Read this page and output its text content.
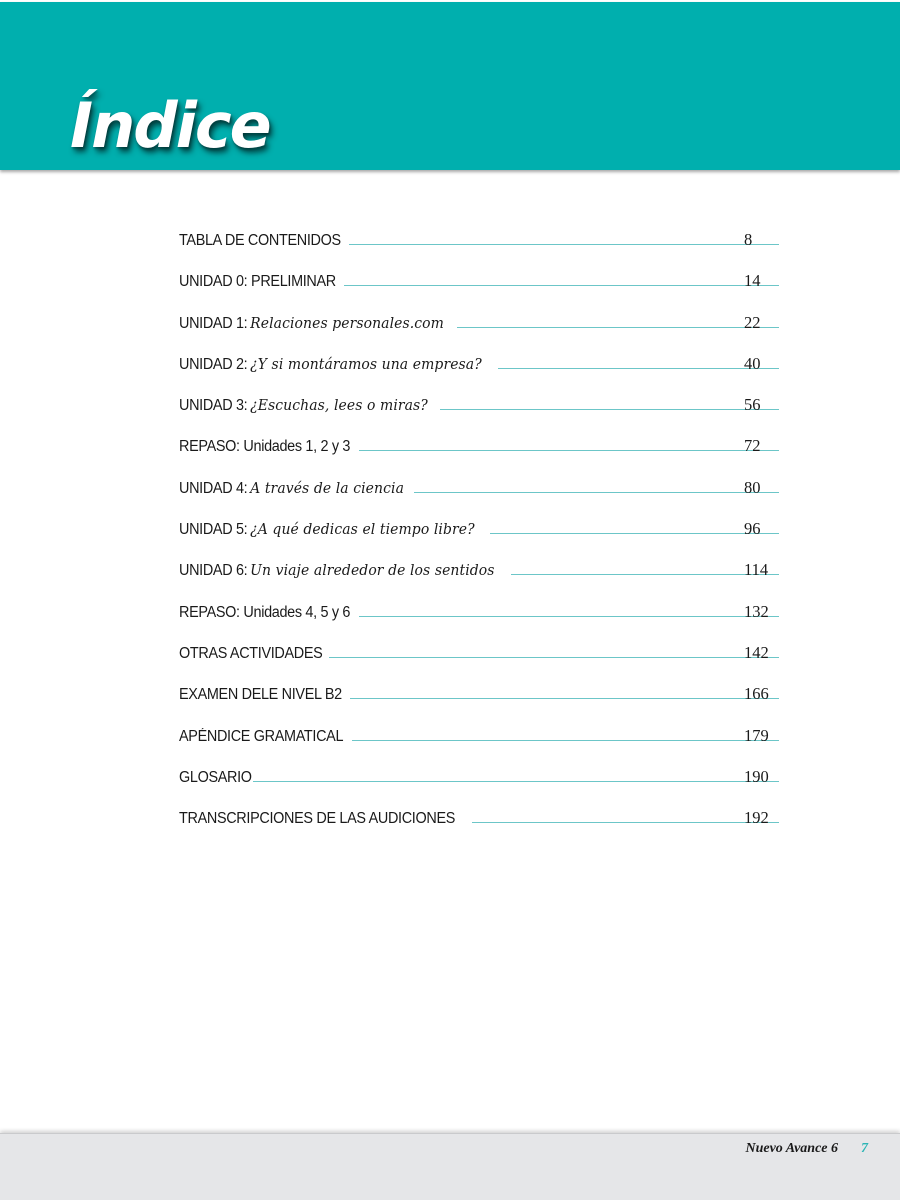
Índice
TABLA DE CONTENIDOS	8
UNIDAD 0: PRELIMINAR	14
UNIDAD 1: Relaciones personales.com	22
UNIDAD 2: ¿Y si montáramos una empresa?	40
UNIDAD 3: ¿Escuchas, lees o miras?	56
REPASO: Unidades 1, 2 y 3	72
UNIDAD 4: A través de la ciencia	80
UNIDAD 5: ¿A qué dedicas el tiempo libre?	96
UNIDAD 6: Un viaje alrededor de los sentidos	114
REPASO: Unidades 4, 5 y 6	132
OTRAS ACTIVIDADES	142
EXAMEN DELE NIVEL B2	166
APÉNDICE GRAMATICAL	179
GLOSARIO	190
TRANSCRIPCIONES DE LAS AUDICIONES	192
Nuevo Avance 6 7
